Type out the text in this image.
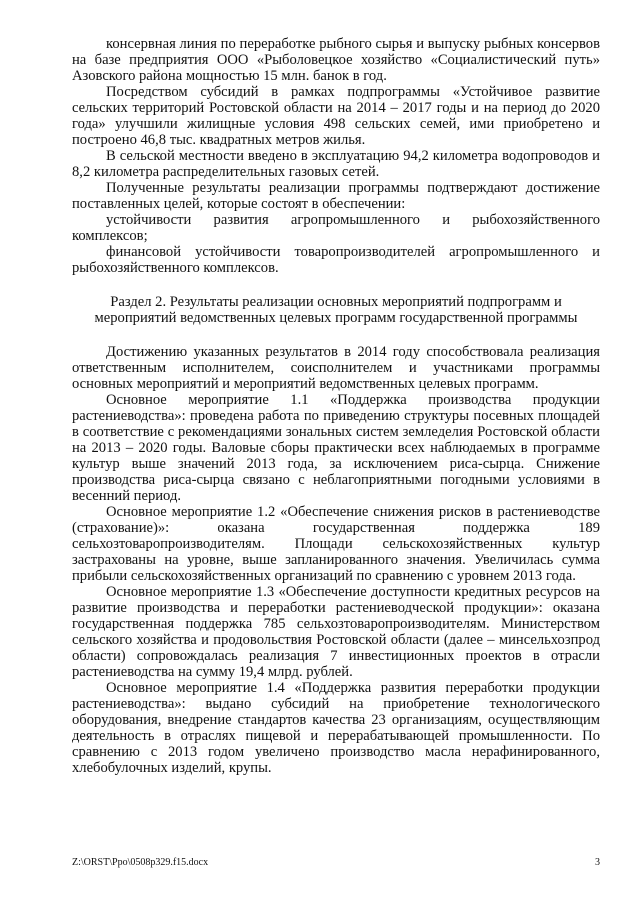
консервная линия по переработке рыбного сырья и выпуску рыбных консервов на базе предприятия ООО «Рыболовецкое хозяйство «Социалистический путь» Азовского района мощностью 15 млн. банок в год.

Посредством субсидий в рамках подпрограммы «Устойчивое развитие сельских территорий Ростовской области на 2014 – 2017 годы и на период до 2020 года» улучшили жилищные условия 498 сельских семей, ими приобретено и построено 46,8 тыс. квадратных метров жилья.

В сельской местности введено в эксплуатацию 94,2 километра водопроводов и 8,2 километра распределительных газовых сетей.

Полученные результаты реализации программы подтверждают достижение поставленных целей, которые состоят в обеспечении:

устойчивости развития агропромышленного и рыбохозяйственного комплексов;

финансовой устойчивости товаропроизводителей агропромышленного и рыбохозяйственного комплексов.

Раздел 2. Результаты реализации основных мероприятий подпрограмм и

мероприятий ведомственных целевых программ государственной программы

Достижению указанных результатов в 2014 году способствовала реализация ответственным исполнителем, соисполнителем и участниками программы основных мероприятий и мероприятий ведомственных целевых программ.

Основное мероприятие 1.1 «Поддержка производства продукции растениеводства»: проведена работа по приведению структуры посевных площадей в соответствие с рекомендациями зональных систем земледелия Ростовской области на 2013 – 2020 годы. Валовые сборы практически всех наблюдаемых в программе культур выше значений 2013 года, за исключением риса-сырца. Снижение производства риса-сырца связано с неблагоприятными погодными условиями в весенний период.

Основное мероприятие 1.2 «Обеспечение снижения рисков в растениеводстве (страхование)»: оказана государственная поддержка 189 сельхозтоваропроизводителям. Площади сельскохозяйственных культур застрахованы на уровне, выше запланированного значения. Увеличилась сумма прибыли сельскохозяйственных организаций по сравнению с уровнем 2013 года.

Основное мероприятие 1.3 «Обеспечение доступности кредитных ресурсов на развитие производства и переработки растениеводческой продукции»: оказана государственная поддержка 785 сельхозтоваропроизводителям. Министерством сельского хозяйства и продовольствия Ростовской области (далее – минсельхозпрод области) сопровождалась реализация 7 инвестиционных проектов в отрасли растениеводства на сумму 19,4 млрд. рублей.

Основное мероприятие 1.4 «Поддержка развития переработки продукции растениеводства»: выдано субсидий на приобретение технологического оборудования, внедрение стандартов качества 23 организациям, осуществляющим деятельность в отраслях пищевой и перерабатывающей промышленности. По сравнению с 2013 годом увеличено производство масла нерафинированного, хлебобулочных изделий, крупы.

Z:\ORST\Ppo\0508p329.f15.docx	3
